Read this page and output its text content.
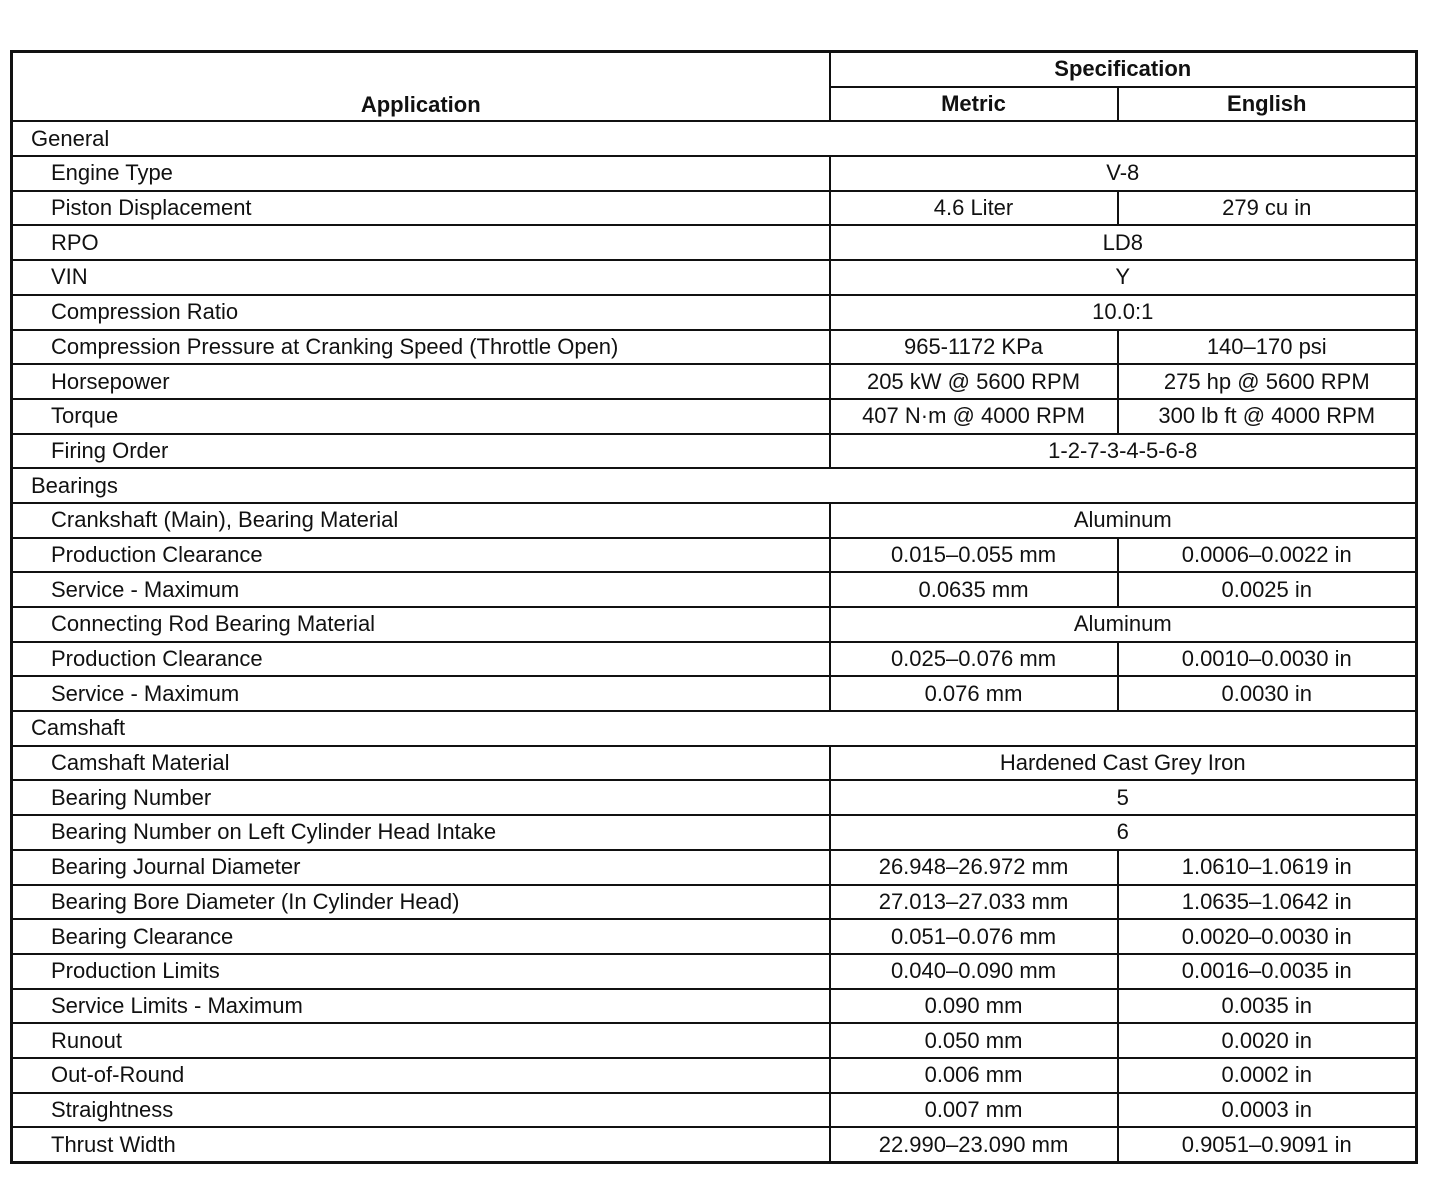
Application	Specification	
	Metric	English
General		
Engine Type	V-8	
Piston Displacement	4.6 Liter	279 cu in
RPO	LD8	
VIN	Y	
Compression Ratio	10.0:1	
Compression Pressure at Cranking Speed (Throttle Open)	965-1172 KPa	140–170 psi
Horsepower	205 kW @ 5600 RPM	275 hp @ 5600 RPM
Torque	407 N·m @ 4000 RPM	300 lb ft @ 4000 RPM
Firing Order	1-2-7-3-4-5-6-8	
Bearings		
Crankshaft (Main), Bearing Material	Aluminum	
Production Clearance	0.015–0.055 mm	0.0006–0.0022 in
Service - Maximum	0.0635 mm	0.0025 in
Connecting Rod Bearing Material	Aluminum	
Production Clearance	0.025–0.076 mm	0.0010–0.0030 in
Service - Maximum	0.076 mm	0.0030 in
Camshaft		
Camshaft Material	Hardened Cast Grey Iron	
Bearing Number	5	
Bearing Number on Left Cylinder Head Intake	6	
Bearing Journal Diameter	26.948–26.972 mm	1.0610–1.0619 in
Bearing Bore Diameter (In Cylinder Head)	27.013–27.033 mm	1.0635–1.0642 in
Bearing Clearance	0.051–0.076 mm	0.0020–0.0030 in
Production Limits	0.040–0.090 mm	0.0016–0.0035 in
Service Limits - Maximum	0.090 mm	0.0035 in
Runout	0.050 mm	0.0020 in
Out-of-Round	0.006 mm	0.0002 in
Straightness	0.007 mm	0.0003 in
Thrust Width	22.990–23.090 mm	0.9051–0.9091 in
